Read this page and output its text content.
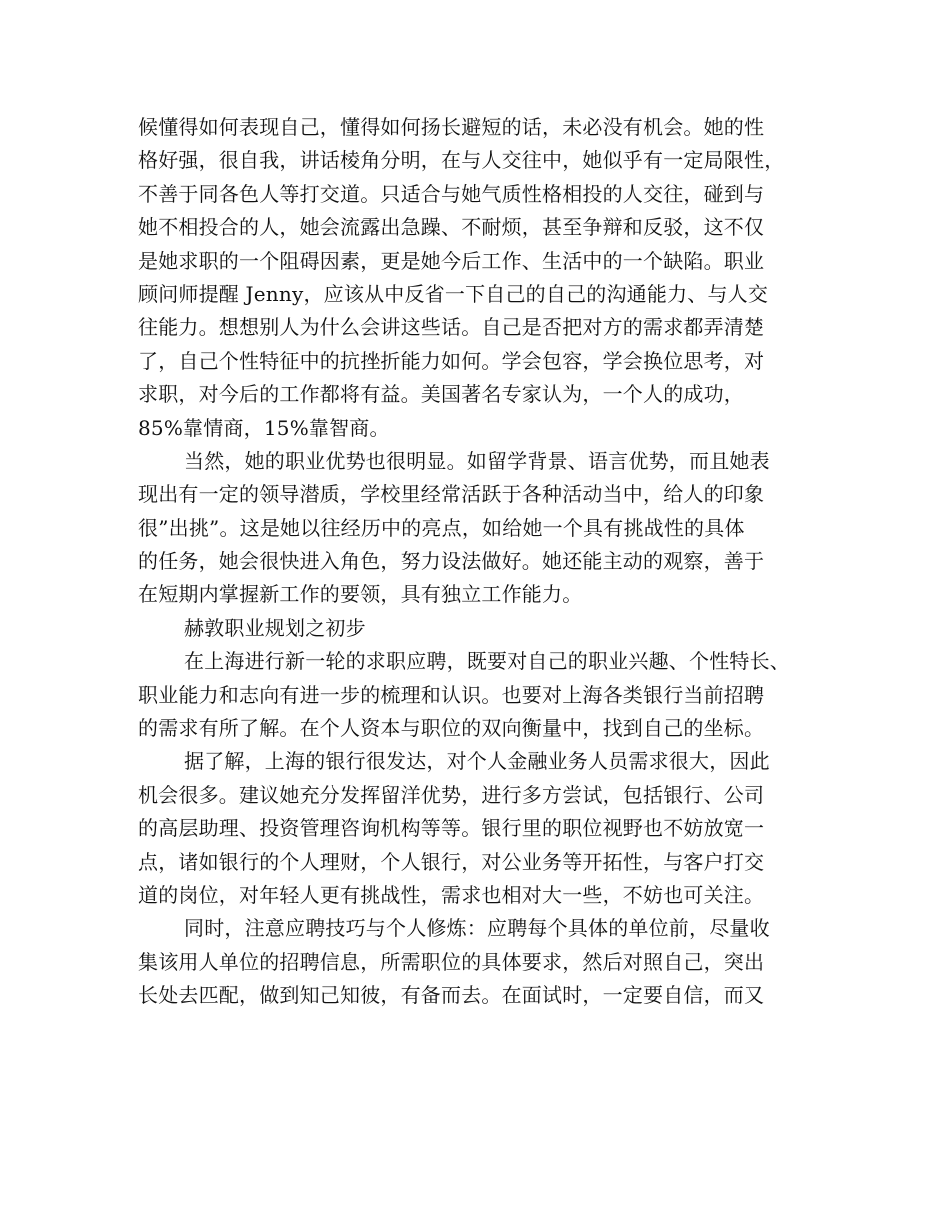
候懂得如何表现自己，懂得如何扬长避短的话，未必没有机会。她的性
格好强，很自我，讲话棱角分明，在与人交往中，她似乎有一定局限性，
不善于同各色人等打交道。只适合与她气质性格相投的人交往，碰到与
她不相投合的人，她会流露出急躁、不耐烦，甚至争辩和反驳，这不仅
是她求职的一个阻碍因素，更是她今后工作、生活中的一个缺陷。职业
顾问师提醒 Jenny，应该从中反省一下自己的自己的沟通能力、与人交
往能力。想想别人为什么会讲这些话。自己是否把对方的需求都弄清楚
了，自己个性特征中的抗挫折能力如何。学会包容，学会换位思考，对
求职，对今后的工作都将有益。美国著名专家认为，一个人的成功，
85%靠情商，15%靠智商。
当然，她的职业优势也很明显。如留学背景、语言优势，而且她表
现出有一定的领导潜质，学校里经常活跃于各种活动当中，给人的印象
很”出挑”。这是她以往经历中的亮点，如给她一个具有挑战性的具体
的任务，她会很快进入角色，努力设法做好。她还能主动的观察，善于
在短期内掌握新工作的要领，具有独立工作能力。
赫敦职业规划之初步
在上海进行新一轮的求职应聘，既要对自己的职业兴趣、个性特长、
职业能力和志向有进一步的梳理和认识。也要对上海各类银行当前招聘
的需求有所了解。在个人资本与职位的双向衡量中，找到自己的坐标。
据了解，上海的银行很发达，对个人金融业务人员需求很大，因此
机会很多。建议她充分发挥留洋优势，进行多方尝试，包括银行、公司
的高层助理、投资管理咨询机构等等。银行里的职位视野也不妨放宽一
点，诸如银行的个人理财，个人银行，对公业务等开拓性，与客户打交
道的岗位，对年轻人更有挑战性，需求也相对大一些，不妨也可关注。
同时，注意应聘技巧与个人修炼：应聘每个具体的单位前，尽量收
集该用人单位的招聘信息，所需职位的具体要求，然后对照自己，突出
长处去匹配，做到知己知彼，有备而去。在面试时，一定要自信，而又
